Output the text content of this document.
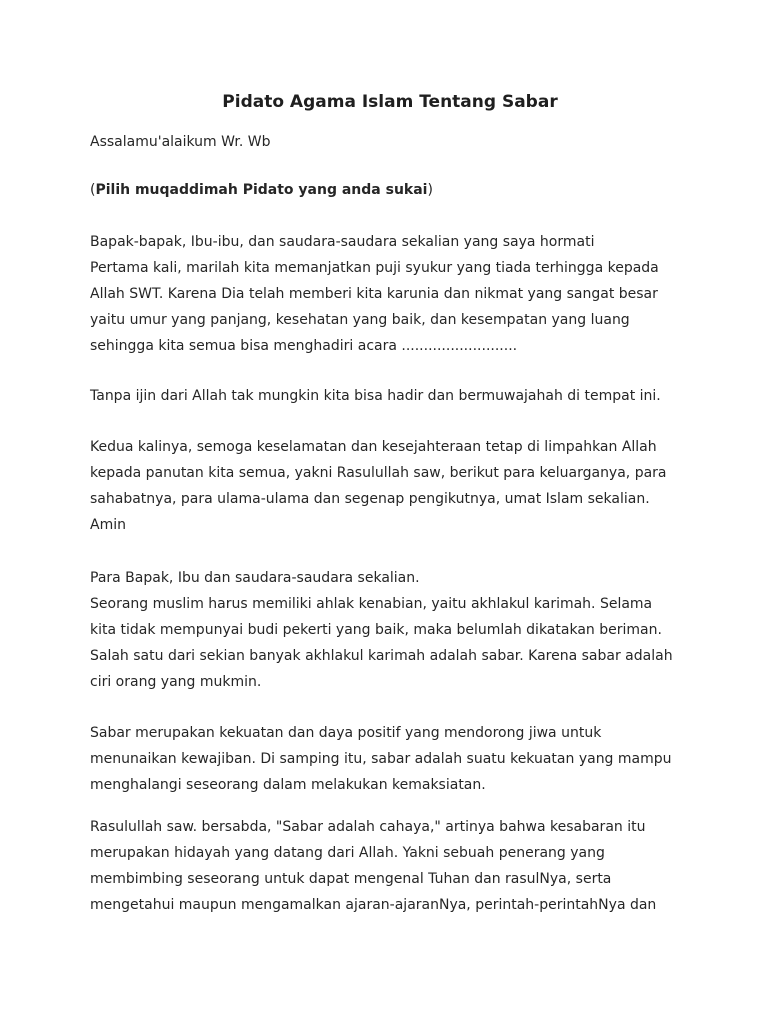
Pidato Agama Islam Tentang Sabar
Assalamu'alaikum Wr. Wb
(Pilih muqaddimah Pidato yang anda sukai)
Bapak-bapak, Ibu-ibu, dan saudara-saudara sekalian yang saya hormati
Pertama kali, marilah kita memanjatkan puji syukur yang tiada terhingga kepada
Allah SWT. Karena Dia telah memberi kita karunia dan nikmat yang sangat besar
yaitu umur yang panjang, kesehatan yang baik, dan kesempatan yang luang
sehingga kita semua bisa menghadiri acara ..........................
Tanpa ijin dari Allah tak mungkin kita bisa hadir dan bermuwajahah di tempat ini.
Kedua kalinya, semoga keselamatan dan kesejahteraan tetap di limpahkan Allah
kepada panutan kita semua, yakni Rasulullah saw, berikut para keluarganya, para
sahabatnya, para ulama-ulama dan segenap pengikutnya, umat Islam sekalian.
Amin
Para Bapak, Ibu dan saudara-saudara sekalian.
Seorang muslim harus memiliki ahlak kenabian, yaitu akhlakul karimah. Selama
kita tidak mempunyai budi pekerti yang baik, maka belumlah dikatakan beriman.
Salah satu dari sekian banyak akhlakul karimah adalah sabar. Karena sabar adalah
ciri orang yang mukmin.
Sabar merupakan kekuatan dan daya positif yang mendorong jiwa untuk
menunaikan kewajiban. Di samping itu, sabar adalah suatu kekuatan yang mampu
menghalangi seseorang dalam melakukan kemaksiatan.
Rasulullah saw. bersabda, "Sabar adalah cahaya," artinya bahwa kesabaran itu
merupakan hidayah yang datang dari Allah. Yakni sebuah penerang yang
membimbing seseorang untuk dapat mengenal Tuhan dan rasulNya, serta
mengetahui maupun mengamalkan ajaran-ajaranNya, perintah-perintahNya dan
